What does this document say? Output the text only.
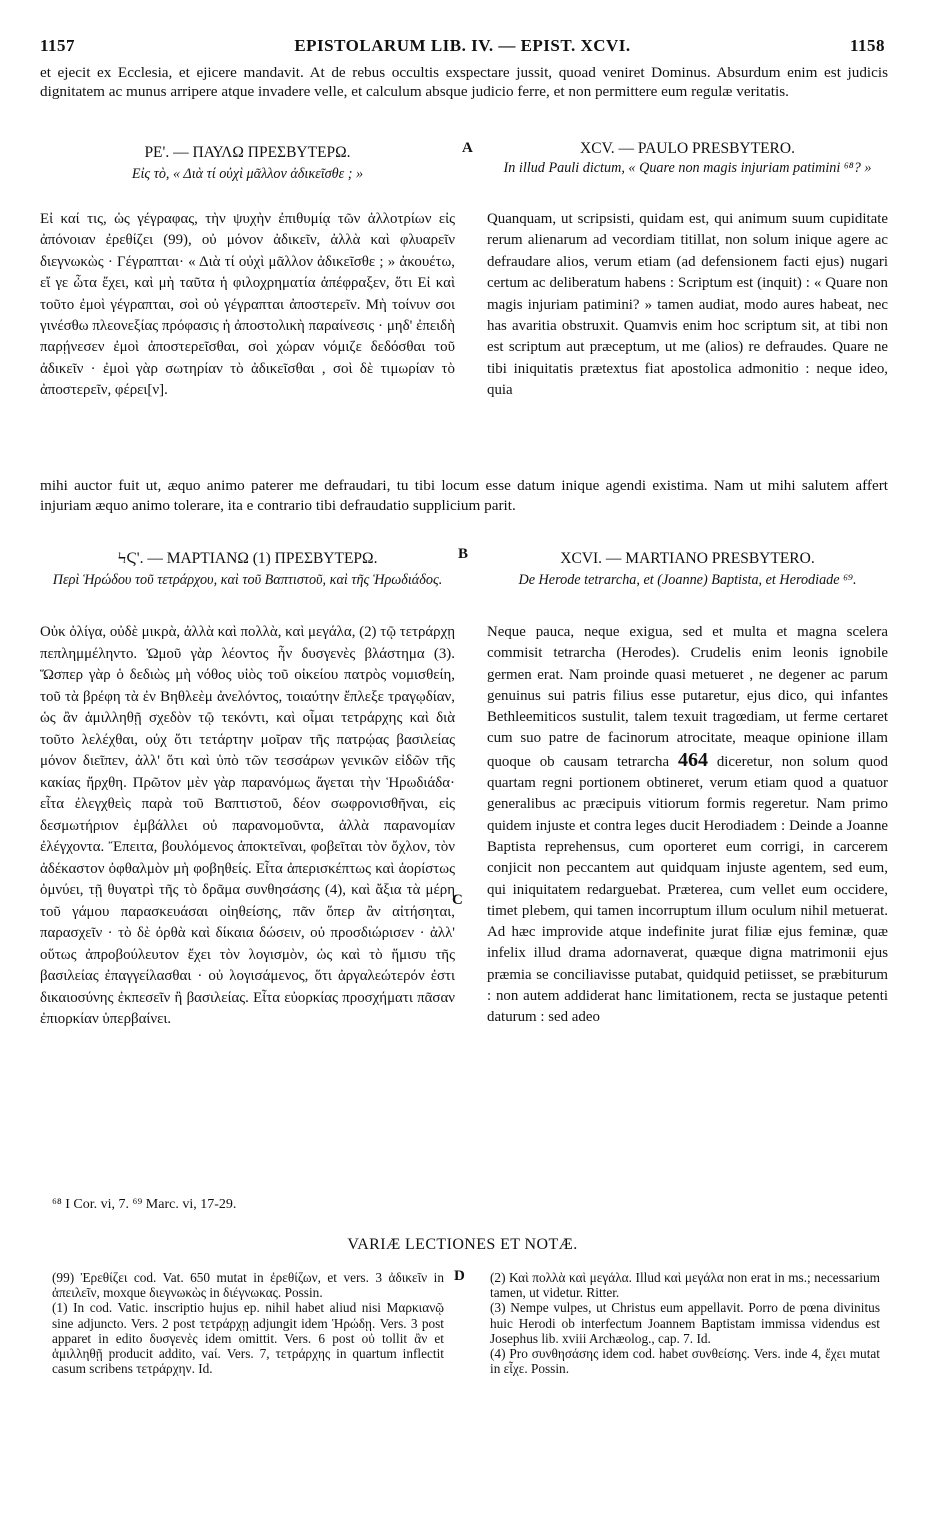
1157	EPISTOLARUM LIB. IV. — EPIST. XCVI.	1158
et ejecit ex Ecclesia, et ejicere mandavit. At de rebus occultis exspectare jussit, quoad veniret Dominus. Absurdum enim est judicis dignitatem ac munus arripere atque invadere velle, et calculum absque judicio ferre, et non permittere eum regulæ veritatis.
ΡΕ'. — ΠΑΥΛΩ ΠΡΕΣΒΥΤΕΡΩ.
Εἰς τὸ, « Διὰ τί οὐχὶ μᾶλλον ἀδικεῖσθε ; »
A	XCV. — PAULO PRESBYTERO.
In illud Pauli dictum, « Quare non magis injuriam patimini ⁶⁸? »
Εἰ καί τις, ὡς γέγραφας, τὴν ψυχὴν ἐπιθυμίᾳ τῶν ἀλλοτρίων εἰς ἀπόνοιαν ἐρεθίζει (99), οὐ μόνον ἀδικεῖν, ἀλλὰ καὶ φλυαρεῖν διεγνωκὼς · Γέγραπται· « Διὰ τί οὐχὶ μᾶλλον ἀδικεῖσθε ; » ἀκουέτω, εἴ γε ὦτα ἔχει, καὶ μὴ ταῦτα ἡ φιλοχρηματία ἀπέφραξεν, ὅτι Εἰ καὶ τοῦτο ἐμοὶ γέγραπται, σοὶ οὐ γέγραπται ἀποστερεῖν. Μὴ τοίνυν σοι γινέσθω πλεονεξίας πρόφασις ἡ ἀποστολικὴ παραίνεσις · μηδ' ἐπειδὴ παρῄνεσεν ἐμοὶ ἀποστερεῖσθαι, σοὶ χώραν νόμιζε δεδόσθαι τοῦ ἀδικεῖν · ἐμοὶ γὰρ σωτηρίαν τὸ ἀδικεῖσθαι , σοὶ δὲ τιμωρίαν τὸ ἀποστερεῖν, φέρει[ν].
Quanquam, ut scripsisti, quidam est, qui animum suum cupiditate rerum alienarum ad vecordiam titillat, non solum inique agere ac defraudare alios, verum etiam (ad defensionem facti ejus) nugari certum ac deliberatum habens : Scriptum est (inquit) : « Quare non magis injuriam patimini? » tamen audiat, modo aures habeat, nec has avaritia obstruxit. Quamvis enim hoc scriptum sit, at tibi non est scriptum aut præceptum, ut me (alios) re defraudes. Quare ne tibi iniquitatis prætextus fiat apostolica admonitio : neque ideo, quia
mihi auctor fuit ut, æquo animo paterer me defraudari, tu tibi locum esse datum inique agendi existima. Nam ut mihi salutem affert injuriam æquo animo tolerare, ita e contrario tibi defraudatio supplicium parit.
ϞϚ'. — ΜΑΡΤΙΑΝΩ (1) ΠΡΕΣΒΥΤΕΡΩ.
Περὶ Ἡρώδου τοῦ τετράρχου, καὶ τοῦ Βαπτιστοῦ, καὶ τῆς Ἡρωδιάδος.
B	XCVI. — MARTIANO PRESBYTERO.
De Herode tetrarcha, et (Joanne) Baptista, et Herodiade ⁶⁹.
Οὐκ ὀλίγα, οὐδὲ μικρὰ, ἀλλὰ καὶ πολλὰ, καὶ μεγάλα, (2) τῷ τετράρχῃ πεπλημμέληντο. Ὠμοῦ γὰρ λέοντος ἦν δυσγενὲς βλάστημα (3). Ὥσπερ γὰρ ὁ δεδιὼς μὴ νόθος υἱὸς τοῦ οἰκείου πατρὸς νομισθείη, τοῦ τὰ βρέφη τὰ ἐν Βηθλεὲμ ἀνελόντος, τοιαύτην ἔπλεξε τραγῳδίαν, ὡς ἂν ἁμιλληθῇ σχεδὸν τῷ τεκόντι, καὶ οἶμαι τετράρχης καὶ διὰ τοῦτο λελέχθαι, οὐχ ὅτι τετάρτην μοῖραν τῆς πατρῴας βασιλείας μόνον διεῖπεν, ἀλλ' ὅτι καὶ ὑπὸ τῶν τεσσάρων γενικῶν εἰδῶν τῆς κακίας ἤρχθη. Πρῶτον μὲν γὰρ παρανόμως ἄγεται τὴν Ἡρωδιάδα· εἶτα ἐλεγχθεὶς παρὰ τοῦ Βαπτιστοῦ, δέον σωφρονισθῆναι, εἰς δεσμωτήριον ἐμβάλλει οὐ παρανομοῦντα, ἀλλὰ παρανομίαν ἐλέγχοντα. Ἔπειτα, βουλόμενος ἀποκτεῖναι, φοβεῖται τὸν ὄχλον, τὸν ἀδέκαστον ὀφθαλμὸν μὴ φοβηθείς. Εἶτα ἀπερισκέπτως καὶ ἀορίστως ὀμνύει, τῇ θυγατρὶ τῆς τὸ δρᾶμα συνθησάσης (4), καὶ ἄξια τὰ μέρη τοῦ γάμου παρασκευάσαι οἰηθείσης, πᾶν ὅπερ ἂν αἰτήσηται, παρασχεῖν · τὸ δὲ ὀρθὰ καὶ δίκαια δώσειν, οὐ προσδιώρισεν · ἀλλ' οὕτως ἀπροβούλευτον ἔχει τὸν λογισμὸν, ὡς καὶ τὸ ἥμισυ τῆς βασιλείας ἐπαγγείλασθαι · οὐ λογισάμενος, ὅτι ἀργαλεώτερόν ἐστι δικαιοσύνης ἐκπεσεῖν ἢ βασιλείας. Εἶτα εὐορκίας προσχήματι πᾶσαν ἐπιορκίαν ὑπερβαίνει.
Neque pauca, neque exigua, sed et multa et magna scelera commisit tetrarcha (Herodes). Crudelis enim leonis ignobile germen erat. Nam proinde quasi metueret , ne degener ac parum genuinus sui patris filius esse putaretur, ejus dico, qui infantes Bethleemiticos sustulit, talem texuit tragœdiam, ut ferme certaret cum suo patre de facinorum atrocitate, meaque opinione illam quoque ob causam tetrarcha 464 diceretur, non solum quod quartam regni portionem obtineret, verum etiam quod a quatuor generalibus ac præcipuis vitiorum formis regeretur. Nam primo quidem injuste et contra leges ducit Herodiadem : Deinde a Joanne Baptista reprehensus, cum oporteret eum corrigi, in carcerem conjicit non peccantem aut quidquam injuste agentem, sed eum, qui iniquitatem redarguebat. Præterea, cum vellet eum occidere, timet plebem, qui tamen incorruptum illum oculum nihil metuerat. Ad hæc improvide atque indefinite jurat filiæ ejus feminæ, quæ infelix illud drama adornaverat, quæque digna matrimonii ejus præmia se conciliavisse putabat, quidquid petiisset, se præbiturum : non autem addiderat hanc limitationem, recta se justaque petenti daturum : sed adeo
C
⁶⁸ I Cor. vi, 7. ⁶⁹ Marc. vi, 17-29.
VARIÆ LECTIONES ET NOTÆ.

(99) Ἐρεθίζει cod. Vat. 650 mutat in ἐρεθίζων, et vers. 3 ἀδικεῖν in ἀπειλεῖν, moxque διεγνωκὼς in διέγνωκας. Possin.

(1) In cod. Vatic. inscriptio hujus ep. nihil habet aliud nisi Μαρκιανῷ sine adjuncto. Vers. 2 post τετράρχῃ adjungit idem Ἡρώδῃ. Vers. 3 post apparet in edito δυσγενὲς idem omittit. Vers. 6 post οὐ tollit ἂν et ἁμιλληθῇ producit addito, vaί. Vers. 7, τετράρχης in quartum inflectit casum scribens τετράρχην. Id.

D (2) Καὶ πολλὰ καὶ μεγάλα. Illud καὶ μεγάλα non erat in ms.; necessarium tamen, ut videtur. Ritter.

(3) Nempe vulpes, ut Christus eum appellavit. Porro de pœna divinitus huic Herodi ob interfectum Joannem Baptistam immissa videndus est Josephus lib. xviii Archæolog., cap. 7. Id.

(4) Pro συνθησάσης idem cod. habet συνθείσης. Vers. inde 4, ἔχει mutat in εἶχε. Possin.
